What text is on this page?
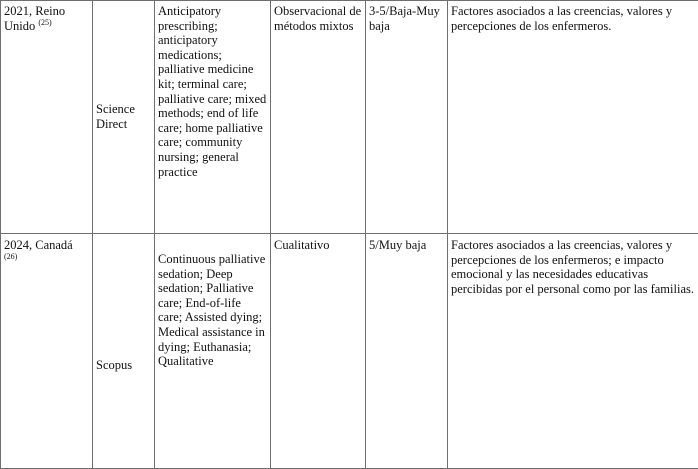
2021, Reino Unido $^{(25)}$	Science Direct	Anticipatory prescribing; anticipatory medications; palliative medicine kit; terminal care; palliative care; mixed methods; end of life care; home palliative care; community nursing; general practice	Observacional de métodos mixtos	3-5/Baja-Muy baja	Factores asociados a las creencias, valores y percepciones de los enfermeros.
2024, Canadá $^{(26)}$	Scopus	Continuous palliative sedation; Deep sedation; Palliative care; End-of-life care; Assisted dying; Medical assistance in dying; Euthanasia; Qualitative	Cualitativo	5/Muy baja	Factores asociados a las creencias, valores y percepciones de los enfermeros; e impacto emocional y las necesidades educativas percibidas por el personal como por las familias.
